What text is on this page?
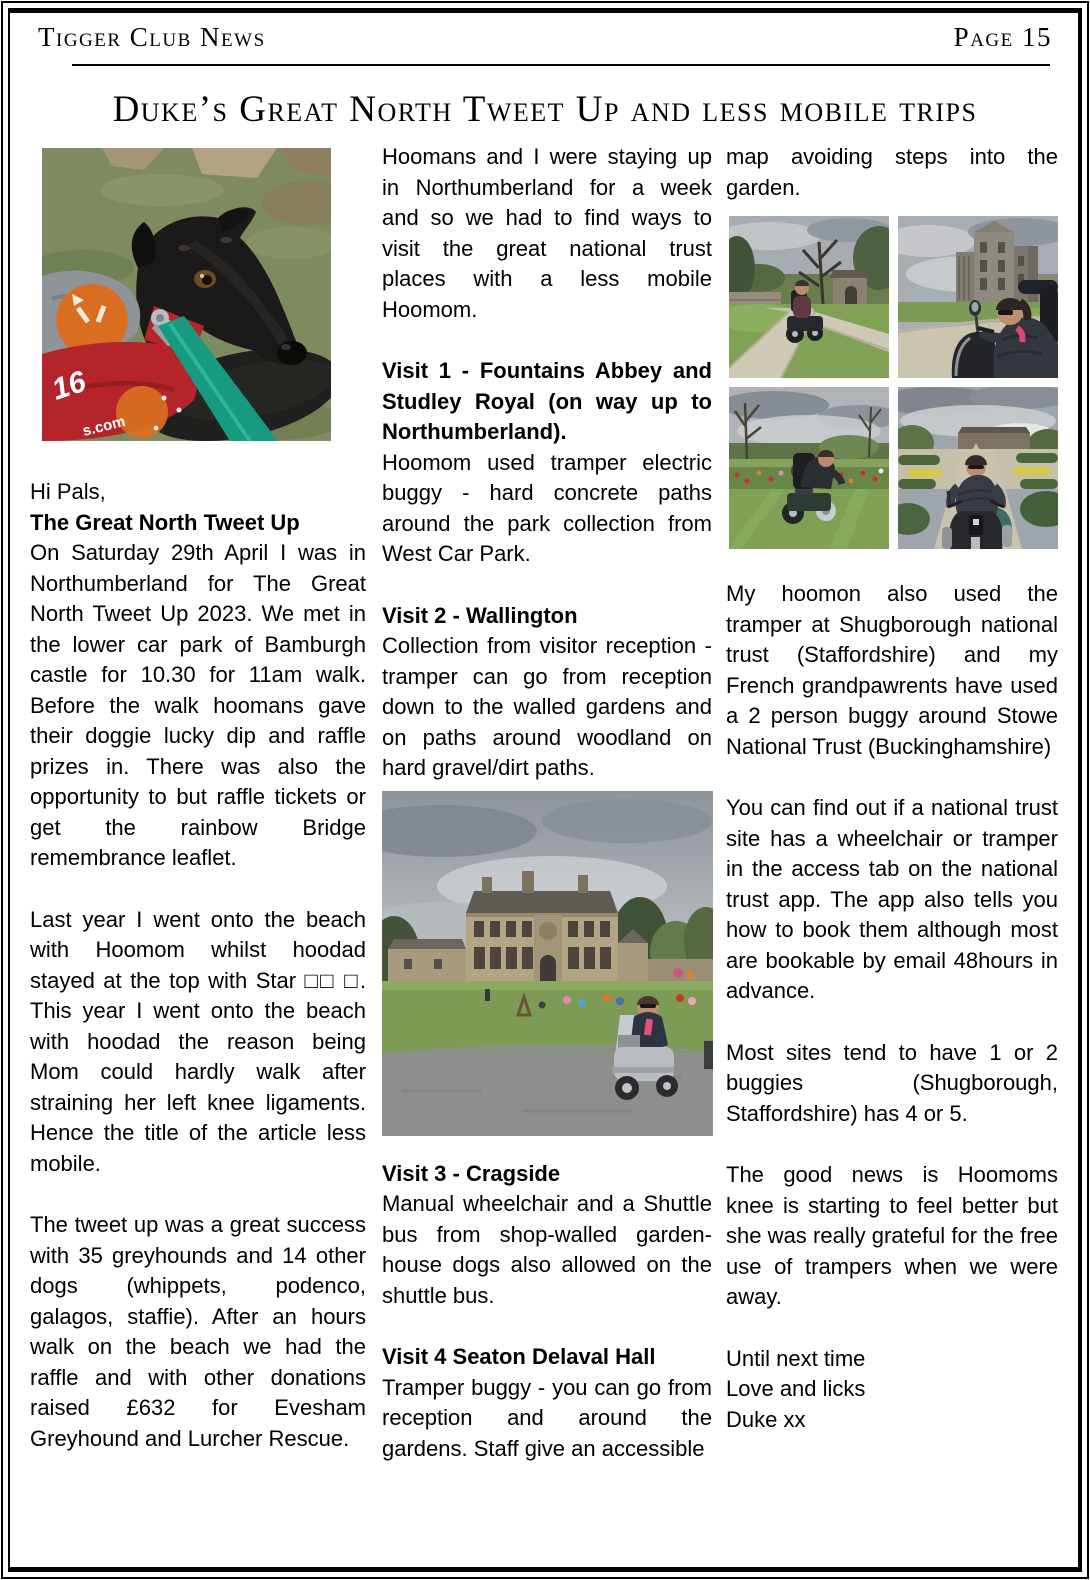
Tigger Club News	Page 15
Duke’s Great North Tweet Up and less mobile trips
16
s.com
Hi Pals,
The Great North Tweet Up

On Saturday 29th April I was in Northumberland for The Great North Tweet Up 2023. We met in the lower car park of Bamburgh castle for 10.30 for 11am walk. Before the walk hoomans gave their doggie lucky dip and raffle prizes in. There was also the opportunity to but raffle tickets or get the rainbow Bridge remembrance leaflet.

Last year I went onto the beach with Hoomom whilst hoodad stayed at the top with Star □□ □. This year I went onto the beach with hoodad the reason being Mom could hardly walk after straining her left knee ligaments. Hence the title of the article less mobile.

The tweet up was a great success with 35 greyhounds and 14 other dogs (whippets, podenco, galagos, staffie). After an hours walk on the beach we had the raffle and with other donations raised £632 for Evesham Greyhound and Lurcher Rescue.

Hoomans and I were staying up in Northumberland for a week and so we had to find ways to visit the great national trust places with a less mobile Hoomom.

Visit 1 - Fountains Abbey and Studley Royal (on way up to Northumberland).

Hoomom used tramper electric buggy - hard concrete paths around the park collection from West Car Park.

Visit 2 - Wallington

Collection from visitor reception - tramper can go from reception down to the walled gardens and on paths around woodland on hard gravel/dirt paths.

Visit 3 - Cragside

Manual wheelchair and a Shuttle bus from shop-walled garden-house dogs also allowed on the shuttle bus.

Visit 4 Seaton Delaval Hall

Tramper buggy - you can go from reception and around the gardens. Staff give an accessible

map avoiding steps into the garden.

My hoomon also used the tramper at Shugborough national trust (Staffordshire) and my French grandpawrents have used a 2 person buggy around Stowe National Trust (Buckinghamshire)

You can find out if a national trust site has a wheelchair or tramper in the access tab on the national trust app. The app also tells you how to book them although most are bookable by email 48hours in advance.

Most sites tend to have 1 or 2 buggies (Shugborough, Staffordshire) has 4 or 5.

The good news is Hoomoms knee is starting to feel better but she was really grateful for the free use of trampers when we were away.

Until next time
Love and licks
Duke xx
